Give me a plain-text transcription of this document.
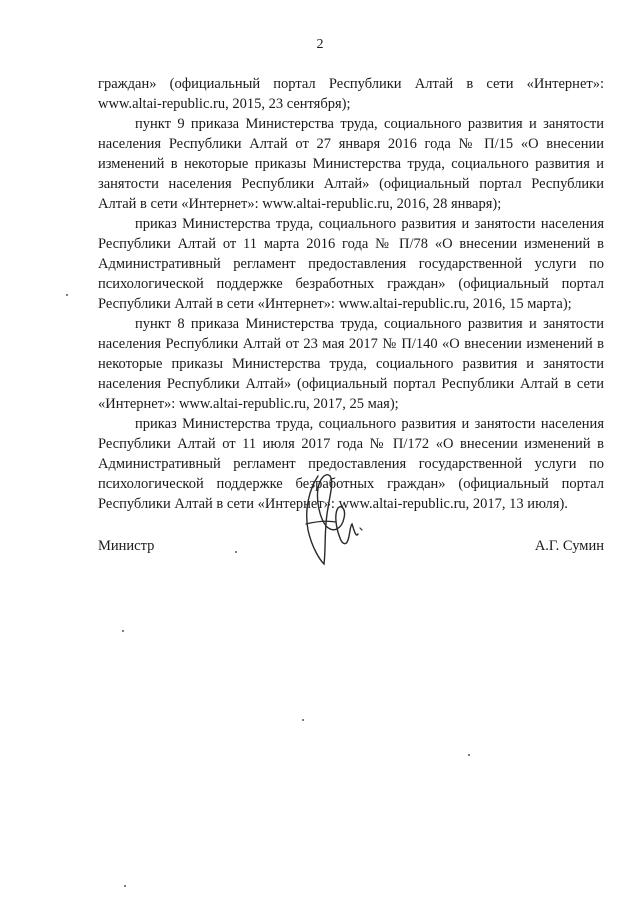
2

граждан» (официальный портал Республики Алтай в сети «Интернет»: www.altai-republic.ru, 2015, 23 сентября);

пункт 9 приказа Министерства труда, социального развития и занятости населения Республики Алтай от 27 января 2016 года № П/15 «О внесении изменений в некоторые приказы Министерства труда, социального развития и занятости населения Республики Алтай» (официальный портал Республики Алтай в сети «Интернет»: www.altai-republic.ru, 2016, 28 января);

приказ Министерства труда, социального развития и занятости населения Республики Алтай от 11 марта 2016 года № П/78 «О внесении изменений в Административный регламент предоставления государственной услуги по психологической поддержке безработных граждан» (официальный портал Республики Алтай в сети «Интернет»: www.altai-republic.ru, 2016, 15 марта);

пункт 8 приказа Министерства труда, социального развития и занятости населения Республики Алтай от 23 мая 2017 № П/140 «О внесении изменений в некоторые приказы Министерства труда, социального развития и занятости населения Республики Алтай» (официальный портал Республики Алтай в сети «Интернет»: www.altai-republic.ru, 2017, 25 мая);

приказ Министерства труда, социального развития и занятости населения Республики Алтай от 11 июля 2017 года № П/172 «О внесении изменений в Административный регламент предоставления государственной услуги по психологической поддержке безработных граждан» (официальный портал Республики Алтай в сети «Интернет»: www.altai-republic.ru, 2017, 13 июля).

Министр	А.Г. Сумин
